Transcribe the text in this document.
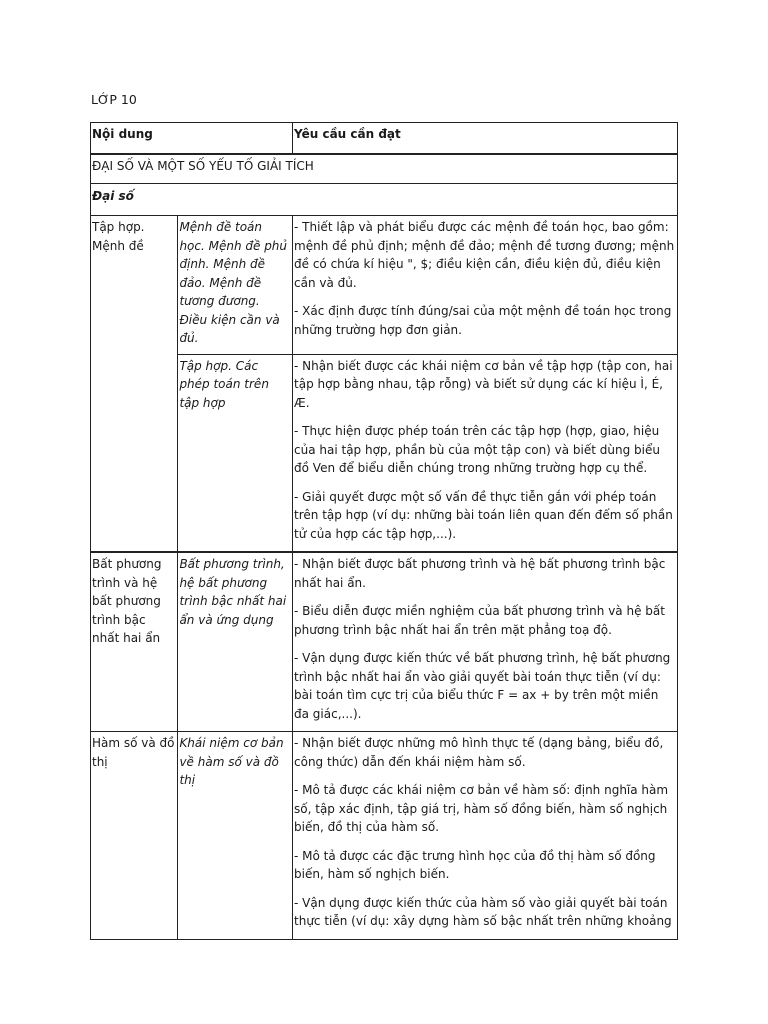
LỚP 10
Nội dung		Yêu cầu cần đạt
ĐẠI SỐ VÀ MỘT SỐ YẾU TỐ GIẢI TÍCH		
Đại số		
Tập hợp. Mệnh đề	Mệnh đề toán học. Mệnh đề phủ định. Mệnh đề đảo. Mệnh đề tương đương. Điều kiện cần và đủ.	- Thiết lập và phát biểu được các mệnh đề toán học, bao gồm: mệnh đề phủ định; mệnh đề đảo; mệnh đề tương đương; mệnh đề có chứa kí hiệu ", $; điều kiện cần, điều kiện đủ, điều kiện cần và đủ.

- Xác định được tính đúng/sai của một mệnh đề toán học trong những trường hợp đơn giản.

	Tập hợp. Các phép toán trên tập hợp	- Nhận biết được các khái niệm cơ bản về tập hợp (tập con, hai tập hợp bằng nhau, tập rỗng) và biết sử dụng các kí hiệu Ì, É, Æ.

- Thực hiện được phép toán trên các tập hợp (hợp, giao, hiệu của hai tập hợp, phần bù của một tập con) và biết dùng biểu đồ Ven để biểu diễn chúng trong những trường hợp cụ thể.

- Giải quyết được một số vấn đề thực tiễn gắn với phép toán trên tập hợp (ví dụ: những bài toán liên quan đến đếm số phần tử của hợp các tập hợp,...).

Bất phương trình và hệ bất phương trình bậc nhất hai ẩn	Bất phương trình, hệ bất phương trình bậc nhất hai ẩn và ứng dụng	- Nhận biết được bất phương trình và hệ bất phương trình bậc nhất hai ẩn.

- Biểu diễn được miền nghiệm của bất phương trình và hệ bất phương trình bậc nhất hai ẩn trên mặt phẳng toạ độ.

- Vận dụng được kiến thức về bất phương trình, hệ bất phương trình bậc nhất hai ẩn vào giải quyết bài toán thực tiễn (ví dụ: bài toán tìm cực trị của biểu thức F = ax + by trên một miền đa giác,...).

Hàm số và đồ thị	Khái niệm cơ bản về hàm số và đồ thị	- Nhận biết được những mô hình thực tế (dạng bảng, biểu đồ, công thức) dẫn đến khái niệm hàm số.

- Mô tả được các khái niệm cơ bản về hàm số: định nghĩa hàm số, tập xác định, tập giá trị, hàm số đồng biến, hàm số nghịch biến, đồ thị của hàm số.

- Mô tả được các đặc trưng hình học của đồ thị hàm số đồng biến, hàm số nghịch biến.

- Vận dụng được kiến thức của hàm số vào giải quyết bài toán thực tiễn (ví dụ: xây dựng hàm số bậc nhất trên những khoảng
